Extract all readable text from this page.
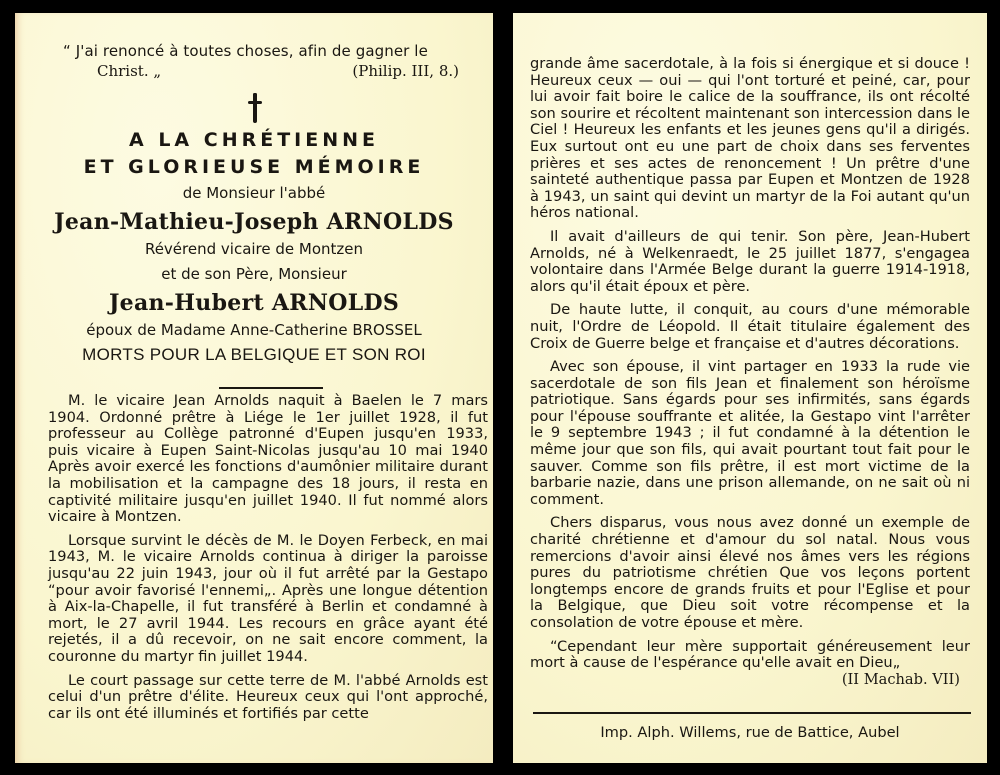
“ J'ai renoncé à toutes choses, afin de gagner le
Christ. „	(Philip. III, 8.)
A LA CHRÉTIENNE
ET GLORIEUSE MÉMOIRE
de Monsieur l'abbé
Jean-Mathieu-Joseph ARNOLDS
Révérend vicaire de Montzen
et de son Père, Monsieur
Jean-Hubert ARNOLDS
époux de Madame Anne-Catherine BROSSEL
MORTS POUR LA BELGIQUE ET SON ROI

M. le vicaire Jean Arnolds naquit à Baelen le 7 mars 1904. Ordonné prêtre à Liége le 1er juillet 1928, il fut professeur au Collège patronné d'Eupen jusqu'en 1933, puis vicaire à Eupen Saint-Nicolas jusqu'au 10 mai 1940 Après avoir exercé les fonctions d'aumônier militaire durant la mobilisation et la campagne des 18 jours, il resta en captivité militaire jusqu'en juillet 1940. Il fut nommé alors vicaire à Montzen.

Lorsque survint le décès de M. le Doyen Ferbeck, en mai 1943, M. le vicaire Arnolds continua à diriger la paroisse jusqu'au 22 juin 1943, jour où il fut arrêté par la Gestapo “pour avoir favorisé l'ennemi„. Après une longue détention à Aix-la-Chapelle, il fut transféré à Berlin et condamné à mort, le 27 avril 1944. Les recours en grâce ayant été rejetés, il a dû recevoir, on ne sait encore comment, la couronne du martyr fin juillet 1944.

Le court passage sur cette terre de M. l'abbé Arnolds est celui d'un prêtre d'élite. Heureux ceux qui l'ont approché, car ils ont été illuminés et fortifiés par cette

grande âme sacerdotale, à la fois si énergique et si douce ! Heureux ceux — oui — qui l'ont torturé et peiné, car, pour lui avoir fait boire le calice de la souffrance, ils ont récolté son sourire et récoltent maintenant son intercession dans le Ciel ! Heureux les enfants et les jeunes gens qu'il a dirigés. Eux surtout ont eu une part de choix dans ses ferventes prières et ses actes de renoncement ! Un prêtre d'une sainteté authentique passa par Eupen et Montzen de 1928 à 1943, un saint qui devint un martyr de la Foi autant qu'un héros national.

Il avait d'ailleurs de qui tenir. Son père, Jean-Hubert Arnolds, né à Welkenraedt, le 25 juillet 1877, s'engagea volontaire dans l'Armée Belge durant la guerre 1914-1918, alors qu'il était époux et père.

De haute lutte, il conquit, au cours d'une mémorable nuit, l'Ordre de Léopold. Il était titulaire également des Croix de Guerre belge et française et d'autres décorations.

Avec son épouse, il vint partager en 1933 la rude vie sacerdotale de son fils Jean et finalement son héroïsme patriotique. Sans égards pour ses infirmités, sans égards pour l'épouse souffrante et alitée, la Gestapo vint l'arrêter le 9 septembre 1943 ; il fut condamné à la détention le même jour que son fils, qui avait pourtant tout fait pour le sauver. Comme son fils prêtre, il est mort victime de la barbarie nazie, dans une prison allemande, on ne sait où ni comment.

Chers disparus, vous nous avez donné un exemple de charité chrétienne et d'amour du sol natal. Nous vous remercions d'avoir ainsi élevé nos âmes vers les régions pures du patriotisme chrétien Que vos leçons portent longtemps encore de grands fruits et pour l'Eglise et pour la Belgique, que Dieu soit votre récompense et la consolation de votre épouse et mère.

“Cependant leur mère supportait généreusement leur mort à cause de l'espérance qu'elle avait en Dieu„

(II Machab. VII)

Imp. Alph. Willems, rue de Battice, Aubel
